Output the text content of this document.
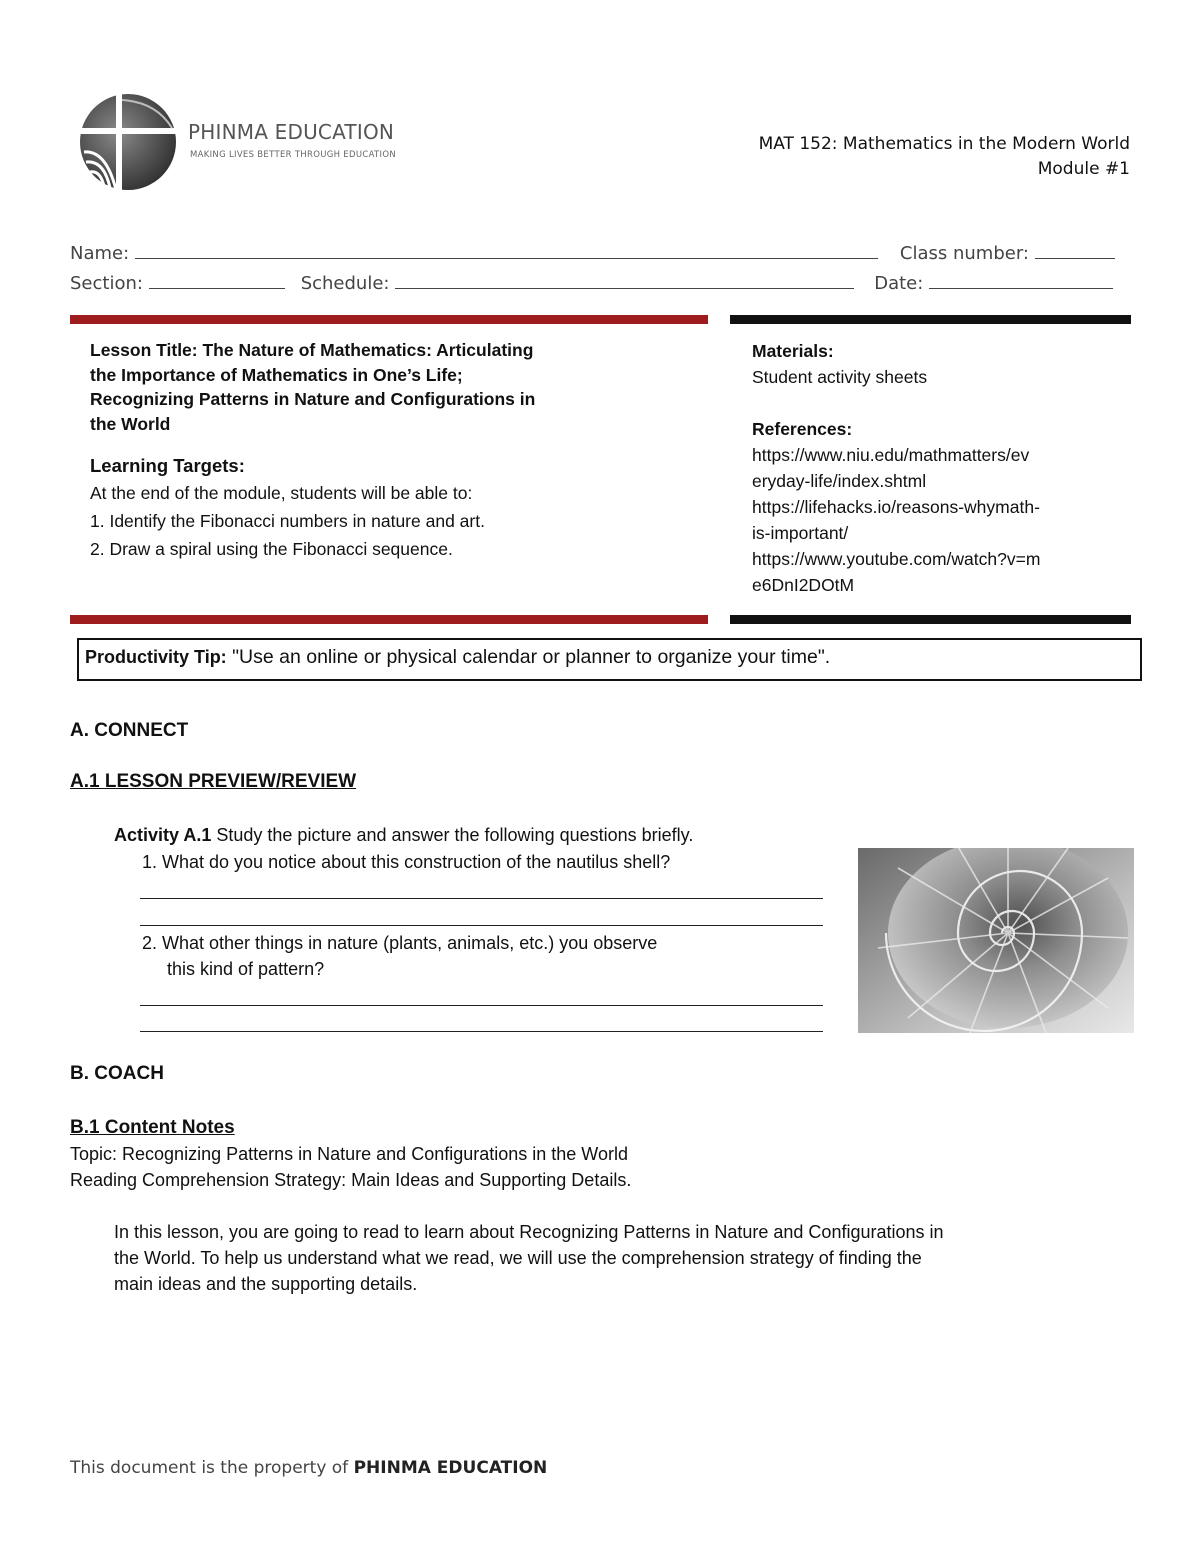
PHINMA EDUCATION
MAKING LIVES BETTER THROUGH EDUCATION
MAT 152: Mathematics in the Modern World
Module #1
Name:	Class number:
Section:	Schedule:	Date:
Lesson Title: The Nature of Mathematics: Articulating
the Importance of Mathematics in One’s Life;
Recognizing Patterns in Nature and Configurations in
the World
Learning Targets:
At the end of the module, students will be able to:
1. Identify the Fibonacci numbers in nature and art.
2. Draw a spiral using the Fibonacci sequence.
Materials:
Student activity sheets
References:
https://www.niu.edu/mathmatters/ev
eryday-life/index.shtml
https://lifehacks.io/reasons-whymath-
is-important/
https://www.youtube.com/watch?v=m
e6DnI2DOtM
Productivity Tip: "Use an online or physical calendar or planner to organize your time".
A. CONNECT
A.1 LESSON PREVIEW/REVIEW
Activity A.1 Study the picture and answer the following questions briefly.
1. What do you notice about this construction of the nautilus shell?
2. What other things in nature (plants, animals, etc.) you observe
this kind of pattern?
B. COACH
B.1 Content Notes
Topic: Recognizing Patterns in Nature and Configurations in the World
Reading Comprehension Strategy: Main Ideas and Supporting Details.
In this lesson, you are going to read to learn about Recognizing Patterns in Nature and Configurations in
the World. To help us understand what we read, we will use the comprehension strategy of finding the
main ideas and the supporting details.
This document is the property of PHINMA EDUCATION
